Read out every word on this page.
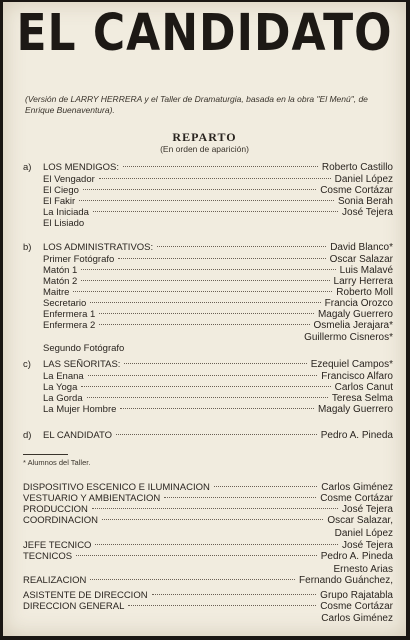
EL CANDIDATO
(Versión de LARRY HERRERA y el Taller de Dramaturgia, basada en la obra "El Menú", de Enrique Buenaventura).
REPARTO
(En orden de aparición)
a)	LOS MENDIGOS:	Roberto Castillo
El Vengador	Daniel López
El Ciego	Cosme Cortázar
El Fakir	Sonia Berah
La Iniciada	José Tejera
El Lisiado
b)	LOS ADMINISTRATIVOS:	David Blanco*
Primer Fotógrafo	Oscar Salazar
Matón 1	Luis Malavé
Matón 2	Larry Herrera
Maitre	Roberto Moll
Secretario	Francia Orozco
Enfermera 1	Magaly Guerrero
Enfermera 2	Osmelia Jerajara*
Guillermo Cisneros*
Segundo Fotógrafo
c)	LAS SEÑORITAS:	Ezequiel Campos*
La Enana	Francisco Alfaro
La Yoga	Carlos Canut
La Gorda	Teresa Selma
La Mujer Hombre	Magaly Guerrero
d)	EL CANDIDATO	Pedro A. Pineda
* Alumnos del Taller.
DISPOSITIVO ESCENICO E ILUMINACION	Carlos Giménez
VESTUARIO Y AMBIENTACION	Cosme Cortázar
PRODUCCION	José Tejera
COORDINACION	Oscar Salazar,
Daniel López
JEFE TECNICO	José Tejera
TECNICOS	Pedro A. Pineda
Ernesto Arias
REALIZACION	Fernando Guánchez,
ASISTENTE DE DIRECCION	Grupo Rajatabla
DIRECCION GENERAL	Cosme Cortázar
Carlos Giménez
